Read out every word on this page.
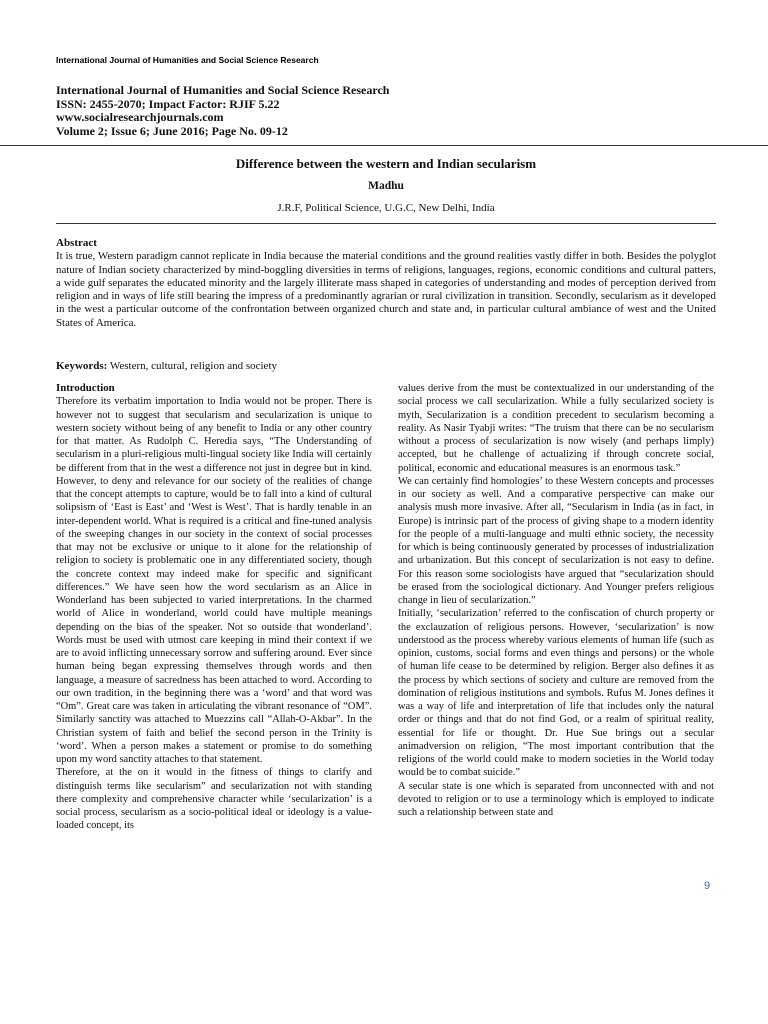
International Journal of Humanities and Social Science Research
International Journal of Humanities and Social Science Research
ISSN: 2455-2070; Impact Factor: RJIF 5.22
www.socialresearchjournals.com
Volume 2; Issue 6; June 2016; Page No. 09-12
Difference between the western and Indian secularism
Madhu
J.R.F, Political Science, U.G.C, New Delhi, India
Abstract
It is true, Western paradigm cannot replicate in India because the material conditions and the ground realities vastly differ in both. Besides the polyglot nature of Indian society characterized by mind-boggling diversities in terms of religions, languages, regions, economic conditions and cultural patters, a wide gulf separates the educated minority and the largely illiterate mass shaped in categories of understanding and modes of perception derived from religion and in ways of life still bearing the impress of a predominantly agrarian or rural civilization in transition. Secondly, secularism as it developed in the west a particular outcome of the confrontation between organized church and state and, in particular cultural ambiance of west and the United States of America.
Keywords: Western, cultural, religion and society
Introduction

Therefore its verbatim importation to India would not be proper. There is however not to suggest that secularism and secularization is unique to western society without being of any benefit to India or any other country for that matter. As Rudolph C. Heredia says, “The Understanding of secularism in a pluri-religious multi-lingual society like India will certainly be different from that in the west a difference not just in degree but in kind. However, to deny and relevance for our society of the realities of change that the concept attempts to capture, would be to fall into a kind of cultural solipsism of ‘East is East’ and ‘West is West’. That is hardly tenable in an inter-dependent world. What is required is a critical and fine-tuned analysis of the sweeping changes in our society in the context of social processes that may not be exclusive or unique to it alone for the relationship of religion to society is problematic one in any differentiated society, though the concrete context may indeed make for specific and significant differences.” We have seen how the word secularism as an Alice in Wonderland has been subjected to varied interpretations. In the charmed world of Alice in wonderland, world could have multiple meanings depending on the bias of the speaker. Not so outside that wonderland’. Words must be used with utmost care keeping in mind their context if we are to avoid inflicting unnecessary sorrow and suffering around. Ever since human being began expressing themselves through words and then language, a measure of sacredness has been attached to word. According to our own tradition, in the beginning there was a ‘word’ and that word was “Om”. Great care was taken in articulating the vibrant resonance of “OM”. Similarly sanctity was attached to Muezzins call “Allah-O-Akbar”. In the Christian system of faith and belief the second person in the Trinity is ‘word’. When a person makes a statement or promise to do something upon my word sanctity attaches to that statement.

Therefore, at the on it would in the fitness of things to clarify and distinguish terms like secularism” and secularization not with standing there complexity and comprehensive character while ‘secularization’ is a social process, secularism as a socio-political ideal or ideology is a value-loaded concept, its

values derive from the must be contextualized in our understanding of the social process we call secularization. While a fully secularized society is myth, Secularization is a condition precedent to secularism becoming a reality. As Nasir Tyabji writes: “The truism that there can be no secularism without a process of secularization is now wisely (and perhaps limply) accepted, but he challenge of actualizing if through concrete social, political, economic and educational measures is an enormous task.”

We can certainly find homologies’ to these Western concepts and processes in our society as well. And a comparative perspective can make our analysis mush more invasive. After all, “Secularism in India (as in fact, in Europe) is intrinsic part of the process of giving shape to a modern identity for the people of a multi-language and multi ethnic society, the necessity for which is being continuously generated by processes of industrialization and urbanization. But this concept of secularization is not easy to define. For this reason some sociologists have argued that “secularization should be erased from the sociological dictionary. And Younger prefers religious change in lieu of secularization.”

Initially, ‘secularization’ referred to the confiscation of church property or the exclauzation of religious persons. However, ‘secularization’ is now understood as the process whereby various elements of human life (such as opinion, customs, social forms and even things and persons) or the whole of human life cease to be determined by religion. Berger also defines it as the process by which sections of society and culture are removed from the domination of religious institutions and symbols. Rufus M. Jones defines it was a way of life and interpretation of life that includes only the natural order or things and that do not find God, or a realm of spiritual reality, essential for life or thought. Dr. Hue Sue brings out a secular animadversion on religion, “The most important contribution that the religions of the world could make to modern societies in the World today would be to combat suicide.”

A secular state is one which is separated from unconnected with and not devoted to religion or to use a terminology which is employed to indicate such a relationship between state and

9
